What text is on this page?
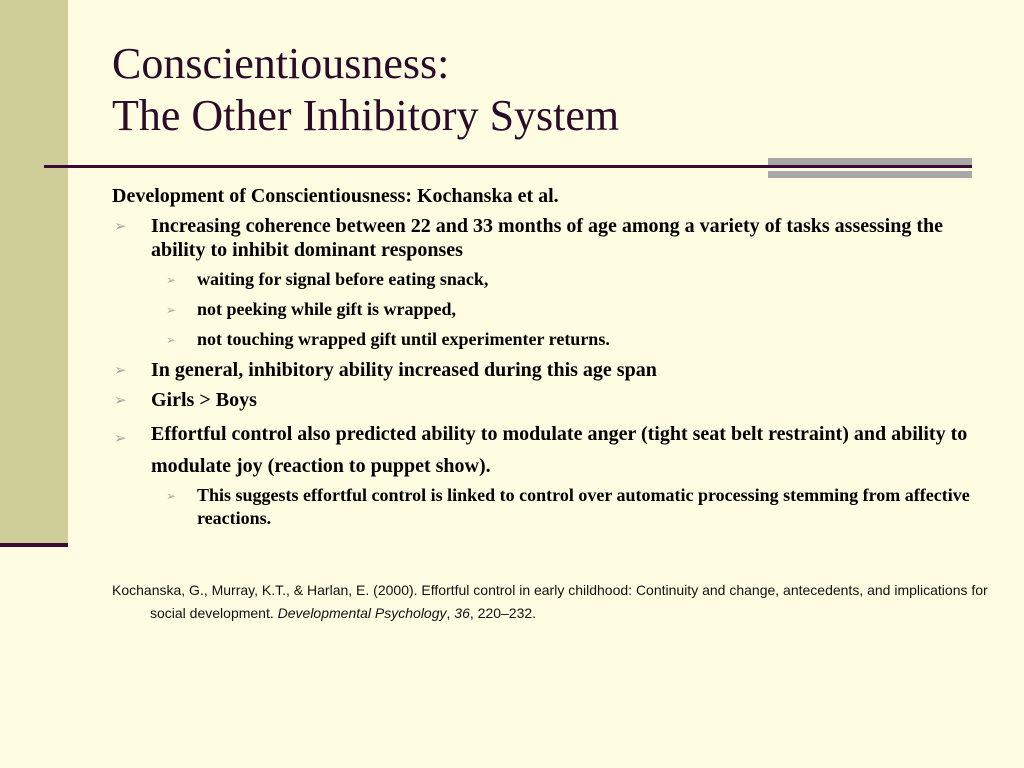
Conscientiousness:
The Other Inhibitory System

Development of Conscientiousness: Kochanska et al.

➢ Increasing coherence between 22 and 33 months of age among a variety of tasks assessing the ability to inhibit dominant responses
➢ waiting for signal before eating snack,
➢ not peeking while gift is wrapped,
➢ not touching wrapped gift until experimenter returns.
➢ In general, inhibitory ability increased during this age span
➢ Girls > Boys
➢ Effortful control also predicted ability to modulate anger (tight seat belt restraint) and ability to modulate joy (reaction to puppet show).
➢ This suggests effortful control is linked to control over automatic processing stemming from affective reactions.
Kochanska, G., Murray, K.T., & Harlan, E. (2000). Effortful control in early childhood: Continuity and change, antecedents, and implications for social development. Developmental Psychology, 36, 220–232.
